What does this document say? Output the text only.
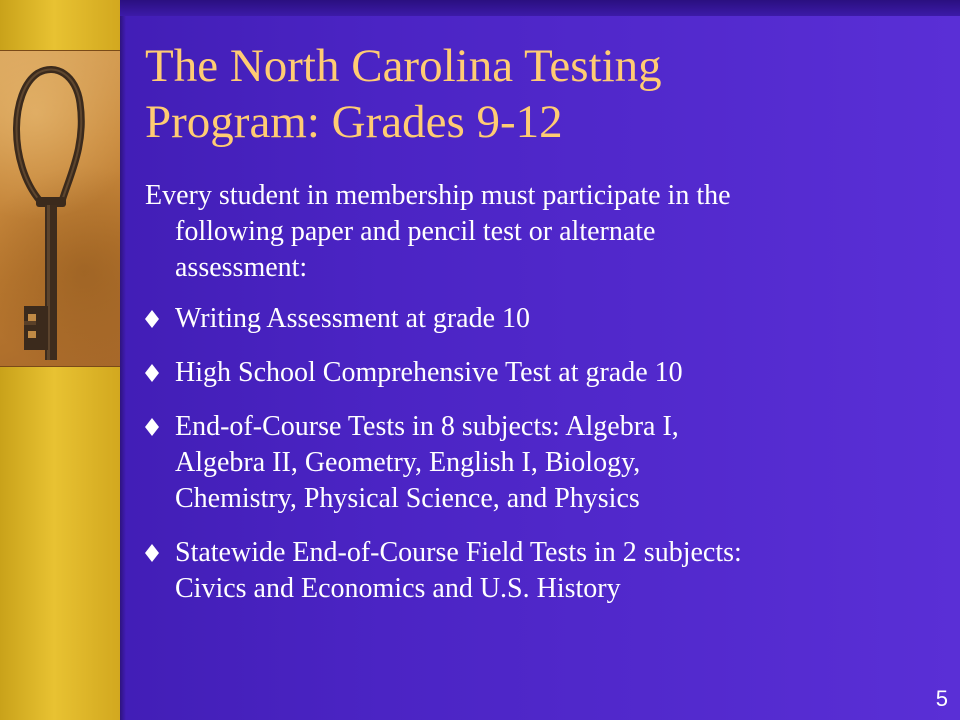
The North Carolina Testing
Program: Grades 9-12

Every student in membership must participate in the
following paper and pencil test or alternate
assessment:

Writing Assessment at grade 10
High School Comprehensive Test at grade 10
End-of-Course Tests in 8 subjects: Algebra I,
Algebra II, Geometry, English I, Biology,
Chemistry, Physical Science, and Physics
Statewide End-of-Course Field Tests in 2 subjects:
Civics and Economics and U.S. History
5
